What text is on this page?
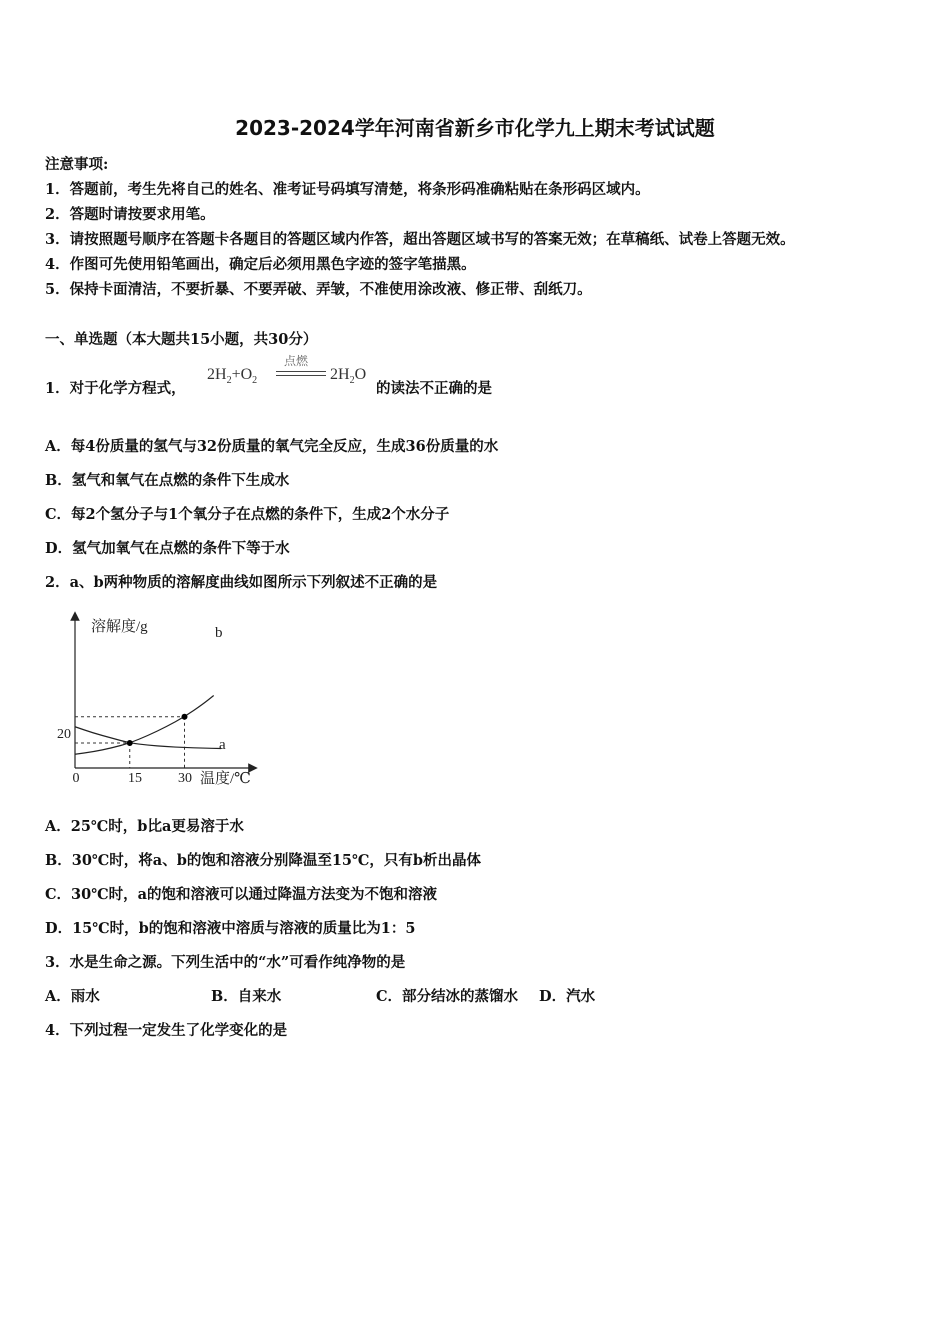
2023-2024学年河南省新乡市化学九上期末考试试题
注意事项:
1．答题前，考生先将自己的姓名、准考证号码填写清楚，将条形码准确粘贴在条形码区域内。
2．答题时请按要求用笔。
3．请按照题号顺序在答题卡各题目的答题区域内作答，超出答题区域书写的答案无效；在草稿纸、试卷上答题无效。
4．作图可先使用铅笔画出，确定后必须用黑色字迹的签字笔描黑。
5．保持卡面清洁，不要折暴、不要弄破、弄皱，不准使用涂改液、修正带、刮纸刀。
一、单选题（本大题共15小题，共30分）
1．对于化学方程式，
$2H_2+O_2$
点燃
$2H_2O$
的读法不正确的是
A．每4份质量的氢气与32份质量的氧气完全反应，生成36份质量的水
B．氢气和氧气在点燃的条件下生成水
C．每2个氢分子与1个氧分子在点燃的条件下，生成2个水分子
D．氢气加氧气在点燃的条件下等于水
2．a、b两种物质的溶解度曲线如图所示下列叙述不正确的是
溶解度/g
温度/℃
0	15	30
20
a
b
A．25℃时，b比a更易溶于水
B．30℃时，将a、b的饱和溶液分别降温至15℃，只有b析出晶体
C．30℃时，a的饱和溶液可以通过降温方法变为不饱和溶液
D．15℃时，b的饱和溶液中溶质与溶液的质量比为1：5
3．水是生命之源。下列生活中的“水”可看作纯净物的是
A．雨水	B．自来水	C．部分结冰的蒸馏水 D．汽水
4．下列过程一定发生了化学变化的是
